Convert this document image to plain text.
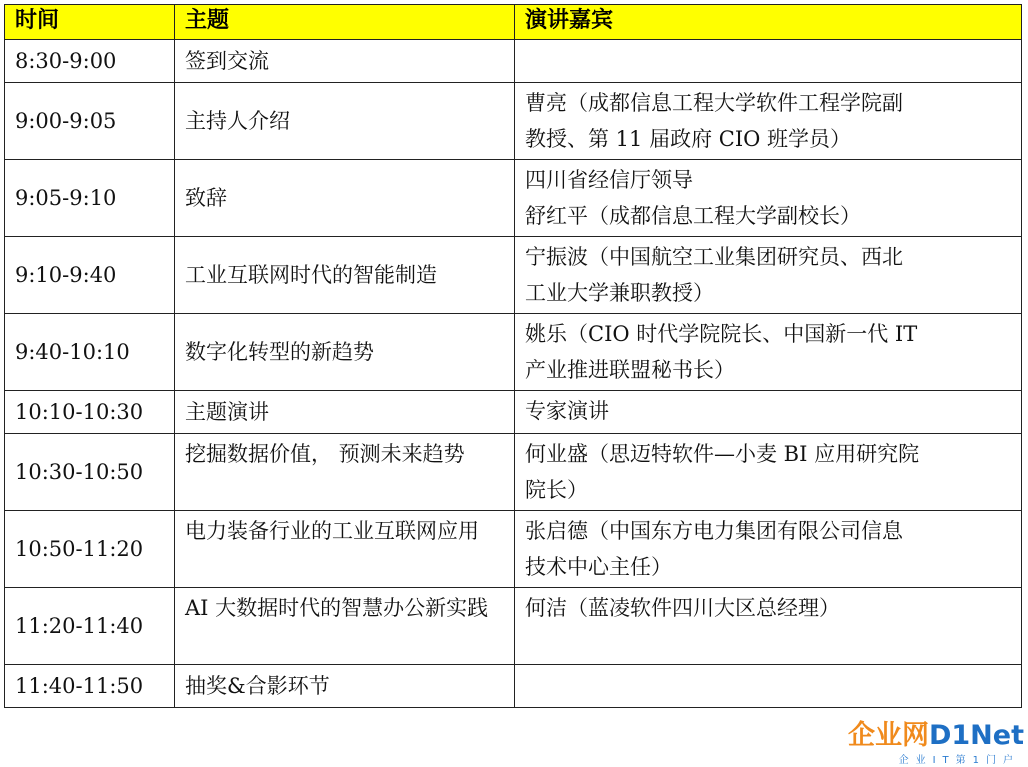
时间	主题	演讲嘉宾
8:30-9:00	签到交流	
9:00-9:05	主持人介绍	曹亮（成都信息工程大学软件工程学院副
教授、第 11 届政府 CIO 班学员）

9:05-9:10	致辞	四川省经信厅领导
舒红平（成都信息工程大学副校长）

9:10-9:40	工业互联网时代的智能制造	宁振波（中国航空工业集团研究员、西北
工业大学兼职教授）

9:40-10:10	数字化转型的新趋势	姚乐（CIO 时代学院院长、中国新一代 IT
产业推进联盟秘书长）

10:10-10:30	主题演讲	专家演讲

10:30-10:50	挖掘数据价值， 预测未来趋势	何业盛（思迈特软件—小麦 BI 应用研究院
院长）

10:50-11:20	电力装备行业的工业互联网应用	张启德（中国东方电力集团有限公司信息
技术中心主任）

11:20-11:40	AI 大数据时代的智慧办公新实践	何洁（蓝凌软件四川大区总经理）

11:40-11:50	抽奖&合影环节	
企业网D1Net
企业IT第1门户
